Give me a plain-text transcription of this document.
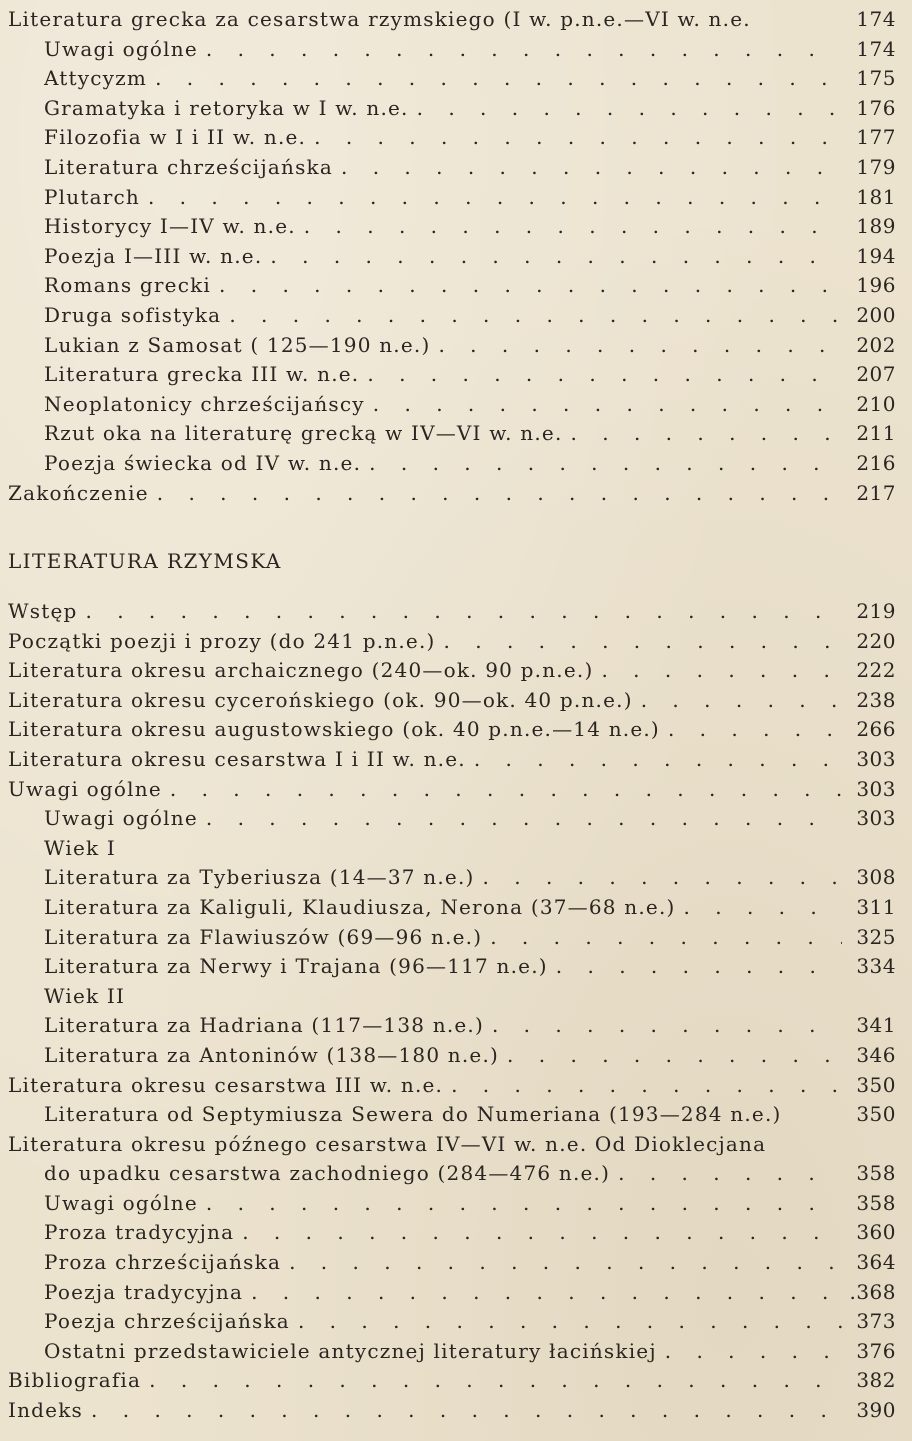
Literatura grecka za cesarstwa rzymskiego (I w. p.n.e.—VI w. n.e.	174
Uwagi ogólne . . .	174
Attycyzm . . .	175
Gramatyka i retoryka w I w. n.e. . . .	176
Filozofia w I i II w. n.e. . . .	177
Literatura chrześcijańska . . .	179
Plutarch . . .	181
Historycy I—IV w. n.e. . . .	189
Poezja I—III w. n.e. . . .	194
Romans grecki . . .	196
Druga sofistyka . . .	200
Lukian z Samosat ( 125—190 n.e.) . . .	202
Literatura grecka III w. n.e. . . .	207
Neoplatonicy chrześcijańscy . . .	210
Rzut oka na literaturę grecką w IV—VI w. n.e. . . .	211
Poezja świecka od IV w. n.e. . . .	216
Zakończenie . . .	217
LITERATURA RZYMSKA
Wstęp . . .	219
Początki poezji i prozy (do 241 p.n.e.) . . .	220
Literatura okresu archaicznego (240—ok. 90 p.n.e.) . . .	222
Literatura okresu cycerońskiego (ok. 90—ok. 40 p.n.e.) . . .	238
Literatura okresu augustowskiego (ok. 40 p.n.e.—14 n.e.) . . .	266
Literatura okresu cesarstwa I i II w. n.e. . . .	303
Uwagi ogólne . . .	303
Uwagi ogólne . . .	303
Wiek I
Literatura za Tyberiusza (14—37 n.e.) . . .	308
Literatura za Kaliguli, Klaudiusza, Nerona (37—68 n.e.) . . .	311
Literatura za Flawiuszów (69—96 n.e.) . . .	325
Literatura za Nerwy i Trajana (96—117 n.e.) . . .	334
Wiek II
Literatura za Hadriana (117—138 n.e.) . . .	341
Literatura za Antoninów (138—180 n.e.) . . .	346
Literatura okresu cesarstwa III w. n.e. . . .	350
Literatura od Septymiusza Sewera do Numeriana (193—284 n.e.)	350
Literatura okresu późnego cesarstwa IV—VI w. n.e. Od Dioklecjana
do upadku cesarstwa zachodniego (284—476 n.e.) . . .	358
Uwagi ogólne . . .	358
Proza tradycyjna . . .	360
Proza chrześcijańska . . .	364
Poezja tradycyjna . . .	.368
Poezja chrześcijańska . . .	373
Ostatni przedstawiciele antycznej literatury łacińskiej . . .	376
Bibliografia . . .	382
Indeks . . .	390
